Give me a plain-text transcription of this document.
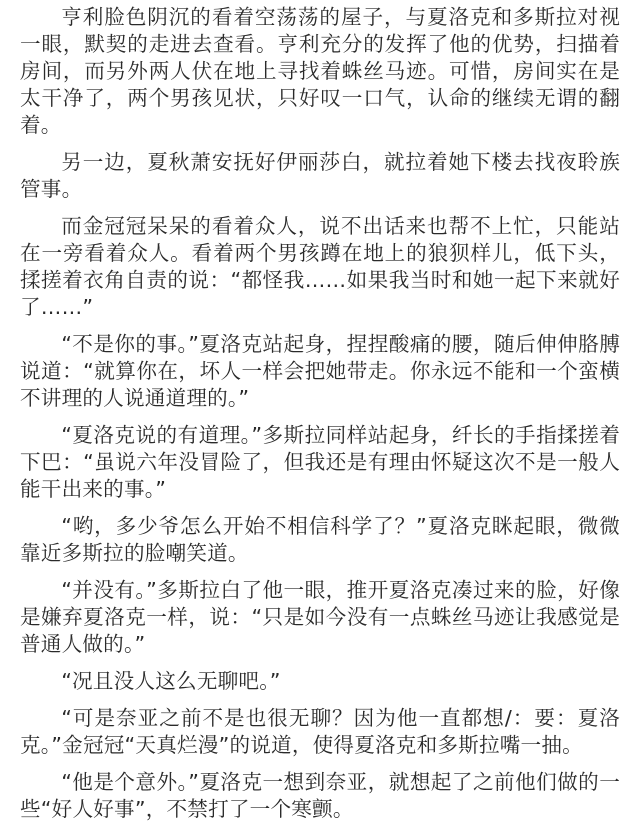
亨利脸色阴沉的看着空荡荡的屋子，与夏洛克和多斯拉对视一眼，默契的走进去查看。亨利充分的发挥了他的优势，扫描着房间，而另外两人伏在地上寻找着蛛丝马迹。可惜，房间实在是太干净了，两个男孩见状，只好叹一口气，认命的继续无谓的翻着。

另一边，夏秋萧安抚好伊丽莎白，就拉着她下楼去找夜聆族管事。

而金冠冠呆呆的看着众人，说不出话来也帮不上忙，只能站在一旁看着众人。看着两个男孩蹲在地上的狼狈样儿，低下头，揉搓着衣角自责的说：“都怪我……如果我当时和她一起下来就好了……”

“不是你的事。”夏洛克站起身，捏捏酸痛的腰，随后伸伸胳膊说道：“就算你在，坏人一样会把她带走。你永远不能和一个蛮横不讲理的人说通道理的。”

“夏洛克说的有道理。”多斯拉同样站起身，纤长的手指揉搓着下巴：“虽说六年没冒险了，但我还是有理由怀疑这次不是一般人能干出来的事。”

“哟，多少爷怎么开始不相信科学了？”夏洛克眯起眼，微微靠近多斯拉的脸嘲笑道。

“并没有。”多斯拉白了他一眼，推开夏洛克凑过来的脸，好像是嫌弃夏洛克一样，说：“只是如今没有一点蛛丝马迹让我感觉是普通人做的。”

“况且没人这么无聊吧。”

“可是奈亚之前不是也很无聊？因为他一直都想/：要：夏洛克。”金冠冠“天真烂漫”的说道，使得夏洛克和多斯拉嘴一抽。

“他是个意外。”夏洛克一想到奈亚，就想起了之前他们做的一些“好人好事”，不禁打了一个寒颤。
